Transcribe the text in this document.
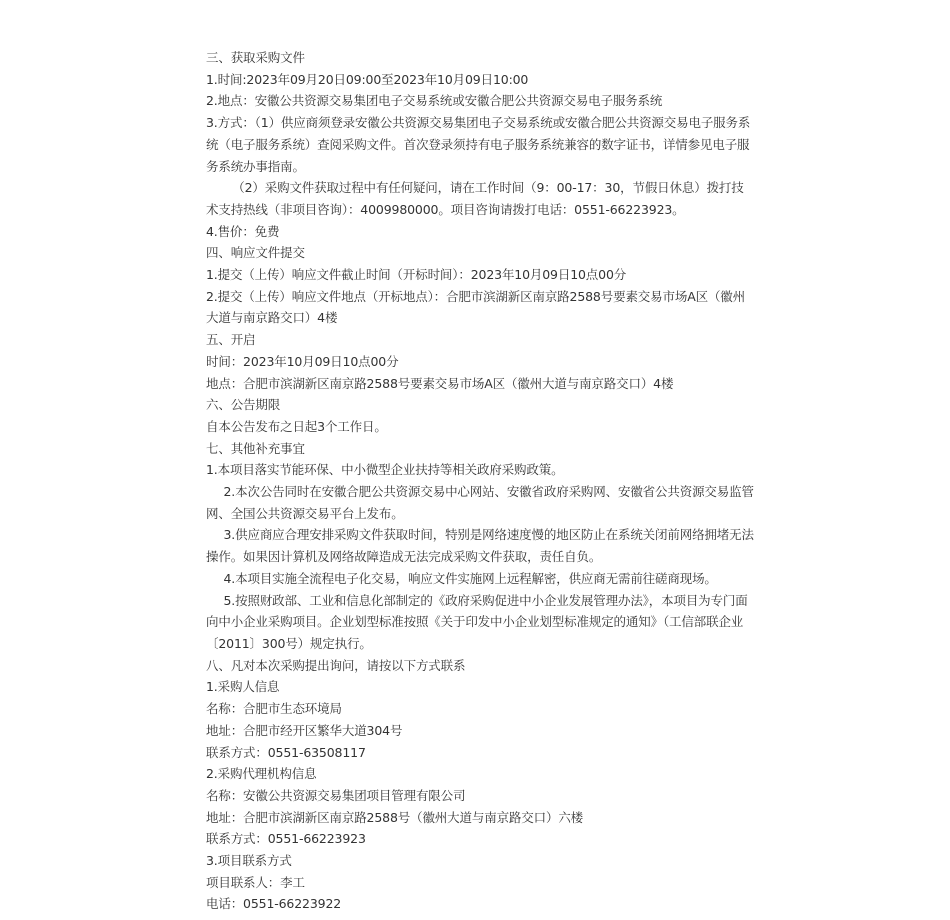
三、获取采购文件

1.时间:2023年09月20日09:00至2023年10月09日10:00

2.地点：安徽公共资源交易集团电子交易系统或安徽合肥公共资源交易电子服务系统

3.方式：（1）供应商须登录安徽公共资源交易集团电子交易系统或安徽合肥公共资源交易电子服务系统（电子服务系统）查阅采购文件。首次登录须持有电子服务系统兼容的数字证书，详情参见电子服务系统办事指南。

（2）采购文件获取过程中有任何疑问，请在工作时间（9：00-17：30，节假日休息）拨打技术支持热线（非项目咨询）：4009980000。项目咨询请拨打电话：0551-66223923。

4.售价：免费

四、响应文件提交

1.提交（上传）响应文件截止时间（开标时间）：2023年10月09日10点00分

2.提交（上传）响应文件地点（开标地点）：合肥市滨湖新区南京路2588号要素交易市场A区（徽州大道与南京路交口）4楼

五、开启

时间：2023年10月09日10点00分

地点：合肥市滨湖新区南京路2588号要素交易市场A区（徽州大道与南京路交口）4楼

六、公告期限

自本公告发布之日起3个工作日。

七、其他补充事宜

1.本项目落实节能环保、中小微型企业扶持等相关政府采购政策。

2.本次公告同时在安徽合肥公共资源交易中心网站、安徽省政府采购网、安徽省公共资源交易监管网、全国公共资源交易平台上发布。

3.供应商应合理安排采购文件获取时间，特别是网络速度慢的地区防止在系统关闭前网络拥堵无法操作。如果因计算机及网络故障造成无法完成采购文件获取，责任自负。

4.本项目实施全流程电子化交易，响应文件实施网上远程解密，供应商无需前往磋商现场。

5.按照财政部、工业和信息化部制定的《政府采购促进中小企业发展管理办法》，本项目为专门面向中小企业采购项目。企业划型标准按照《关于印发中小企业划型标准规定的通知》（工信部联企业〔2011〕300号）规定执行。

八、凡对本次采购提出询问，请按以下方式联系

1.采购人信息

名称：合肥市生态环境局

地址：合肥市经开区繁华大道304号

联系方式：0551-63508117

2.采购代理机构信息

名称：安徽公共资源交易集团项目管理有限公司

地址：合肥市滨湖新区南京路2588号（徽州大道与南京路交口）六楼

联系方式：0551-66223923

3.项目联系方式

项目联系人：李工

电话：0551-66223922
